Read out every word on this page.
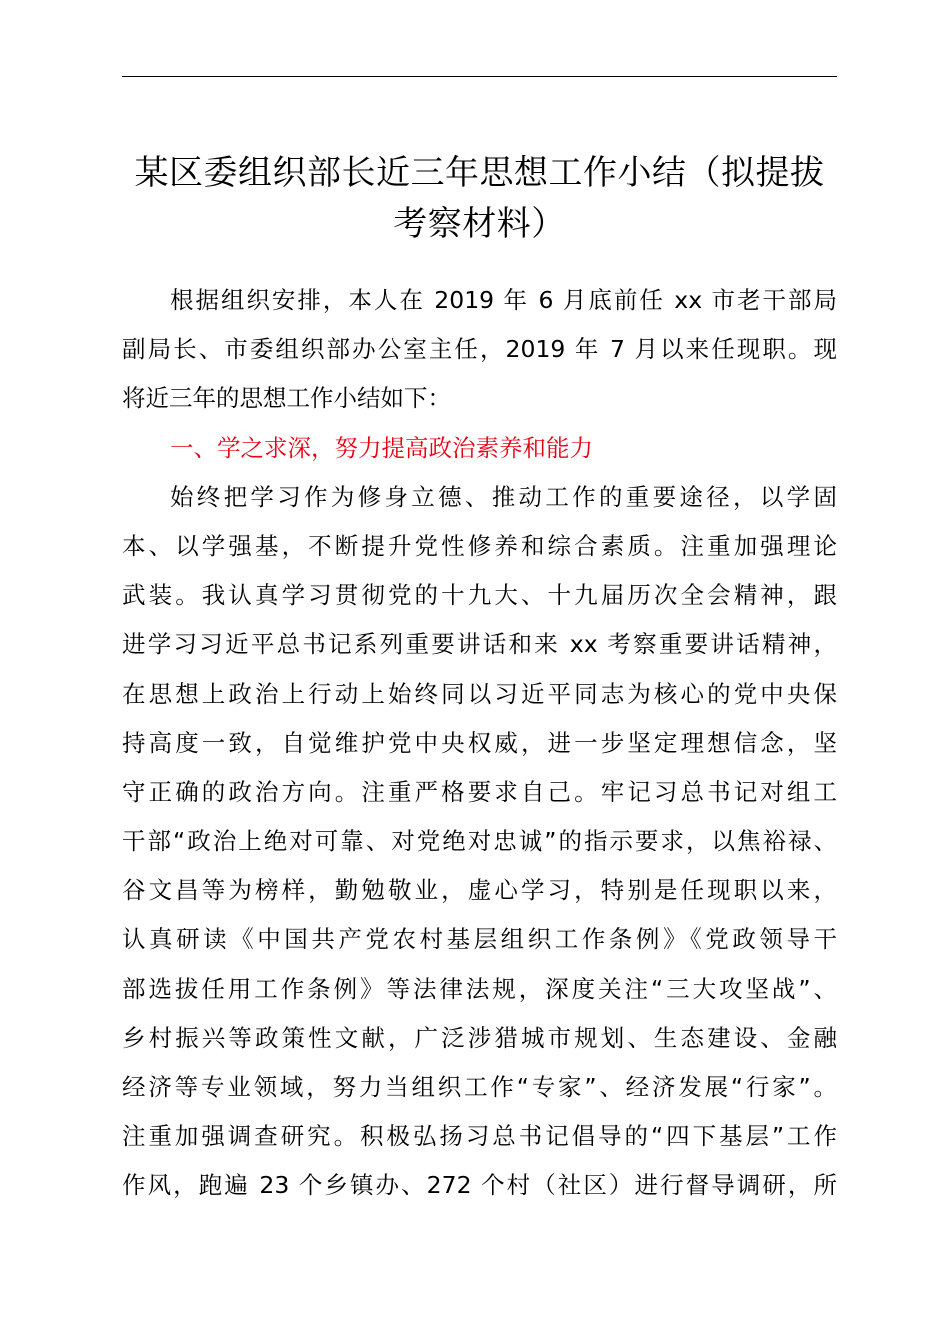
某区委组织部长近三年思想工作小结（拟提拔
考察材料）
根据组织安排，本人在 2019 年 6 月底前任 xx 市老干部局
副局长、市委组织部办公室主任，2019 年 7 月以来任现职。现
将近三年的思想工作小结如下：
一、学之求深，努力提高政治素养和能力
始终把学习作为修身立德、推动工作的重要途径，以学固
本、以学强基，不断提升党性修养和综合素质。注重加强理论
武装。我认真学习贯彻党的十九大、十九届历次全会精神，跟
进学习习近平总书记系列重要讲话和来 xx 考察重要讲话精神，
在思想上政治上行动上始终同以习近平同志为核心的党中央保
持高度一致，自觉维护党中央权威，进一步坚定理想信念，坚
守正确的政治方向。注重严格要求自己。牢记习总书记对组工
干部“政治上绝对可靠、对党绝对忠诚”的指示要求，以焦裕禄、
谷文昌等为榜样，勤勉敬业，虚心学习，特别是任现职以来，
认真研读《中国共产党农村基层组织工作条例》《党政领导干
部选拔任用工作条例》等法律法规，深度关注“三大攻坚战”、
乡村振兴等政策性文献，广泛涉猎城市规划、生态建设、金融
经济等专业领域，努力当组织工作“专家”、经济发展“行家”。
注重加强调查研究。积极弘扬习总书记倡导的“四下基层”工作
作风，跑遍 23 个乡镇办、272 个村（社区）进行督导调研，所
